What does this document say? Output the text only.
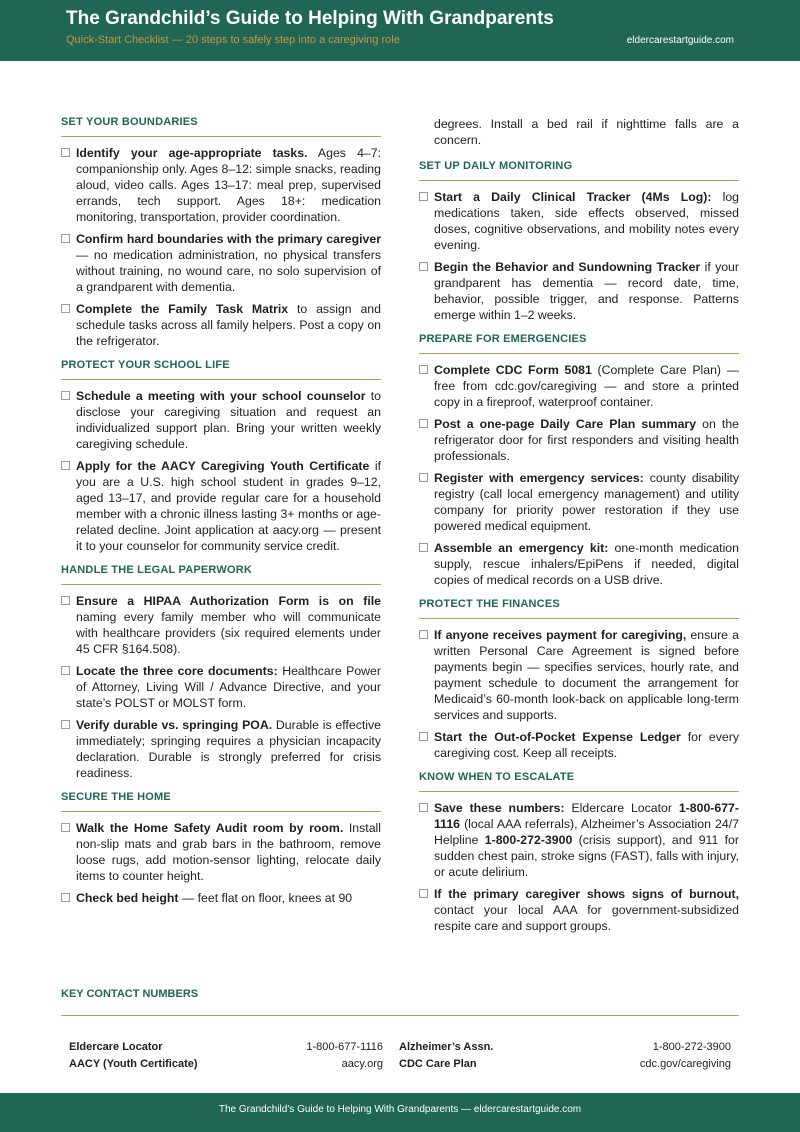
The Grandchild’s Guide to Helping With Grandparents
Quick-Start Checklist — 20 steps to safely step into a caregiving role	eldercarestartguide.com
SET YOUR BOUNDARIES
Identify your age-appropriate tasks. Ages 4–7: companionship only. Ages 8–12: simple snacks, reading aloud, video calls. Ages 13–17: meal prep, supervised errands, tech support. Ages 18+: medication monitoring, transportation, provider coordination.
Confirm hard boundaries with the primary caregiver — no medication administration, no physical transfers without training, no wound care, no solo supervision of a grandparent with dementia.
Complete the Family Task Matrix to assign and schedule tasks across all family helpers. Post a copy on the refrigerator.
PROTECT YOUR SCHOOL LIFE
Schedule a meeting with your school counselor to disclose your caregiving situation and request an individualized support plan. Bring your written weekly caregiving schedule.
Apply for the AACY Caregiving Youth Certificate if you are a U.S. high school student in grades 9–12, aged 13–17, and provide regular care for a household member with a chronic illness lasting 3+ months or age-related decline. Joint application at aacy.org — present it to your counselor for community service credit.
HANDLE THE LEGAL PAPERWORK
Ensure a HIPAA Authorization Form is on file naming every family member who will communicate with healthcare providers (six required elements under 45 CFR §164.508).
Locate the three core documents: Healthcare Power of Attorney, Living Will / Advance Directive, and your state’s POLST or MOLST form.
Verify durable vs. springing POA. Durable is effective immediately; springing requires a physician incapacity declaration. Durable is strongly preferred for crisis readiness.
SECURE THE HOME
Walk the Home Safety Audit room by room. Install non-slip mats and grab bars in the bathroom, remove loose rugs, add motion-sensor lighting, relocate daily items to counter height.
Check bed height — feet flat on floor, knees at 90
degrees. Install a bed rail if nighttime falls are a concern.
SET UP DAILY MONITORING
Start a Daily Clinical Tracker (4Ms Log): log medications taken, side effects observed, missed doses, cognitive observations, and mobility notes every evening.
Begin the Behavior and Sundowning Tracker if your grandparent has dementia — record date, time, behavior, possible trigger, and response. Patterns emerge within 1–2 weeks.
PREPARE FOR EMERGENCIES
Complete CDC Form 5081 (Complete Care Plan) — free from cdc.gov/caregiving — and store a printed copy in a fireproof, waterproof container.
Post a one-page Daily Care Plan summary on the refrigerator door for first responders and visiting health professionals.
Register with emergency services: county disability registry (call local emergency management) and utility company for priority power restoration if they use powered medical equipment.
Assemble an emergency kit: one-month medication supply, rescue inhalers/EpiPens if needed, digital copies of medical records on a USB drive.
PROTECT THE FINANCES
If anyone receives payment for caregiving, ensure a written Personal Care Agreement is signed before payments begin — specifies services, hourly rate, and payment schedule to document the arrangement for Medicaid’s 60-month look-back on applicable long-term services and supports.
Start the Out-of-Pocket Expense Ledger for every caregiving cost. Keep all receipts.
KNOW WHEN TO ESCALATE
Save these numbers: Eldercare Locator 1-800-677-1116 (local AAA referrals), Alzheimer’s Association 24/7 Helpline 1-800-272-3900 (crisis support), and 911 for sudden chest pain, stroke signs (FAST), falls with injury, or acute delirium.
If the primary caregiver shows signs of burnout, contact your local AAA for government-subsidized respite care and support groups.
KEY CONTACT NUMBERS
Eldercare Locator	1-800-677-1116 Alzheimer’s Assn.	1-800-272-3900
AACY (Youth Certificate)	aacy.org CDC Care Plan	cdc.gov/caregiving
The Grandchild’s Guide to Helping With Grandparents — eldercarestartguide.com
